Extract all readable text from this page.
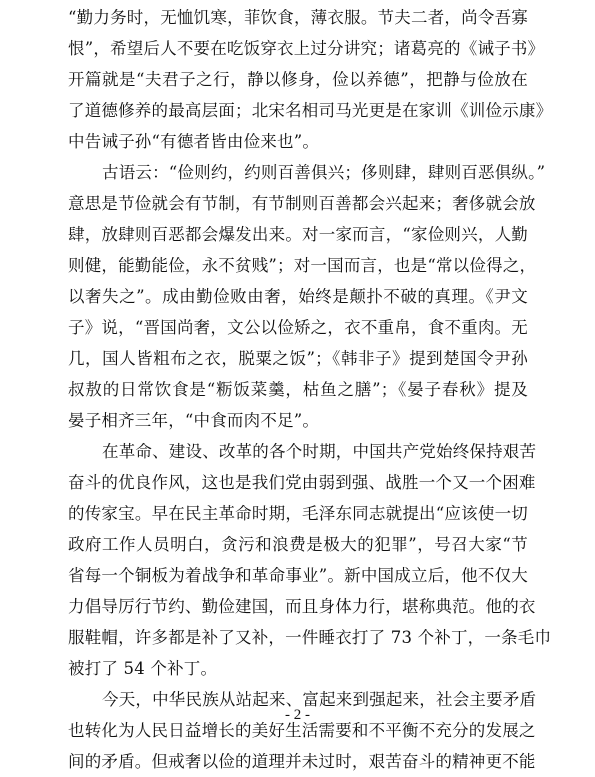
“勤力务时，无恤饥寒，菲饮食，薄衣服。节夫二者，尚令吾寡
恨”，希望后人不要在吃饭穿衣上过分讲究；诸葛亮的《诫子书》
开篇就是“夫君子之行，静以修身，俭以养德”，把静与俭放在
了道德修养的最高层面；北宋名相司马光更是在家训《训俭示康》
中告诫子孙“有德者皆由俭来也”。
古语云：“俭则约，约则百善俱兴；侈则肆，肆则百恶俱纵。”
意思是节俭就会有节制，有节制则百善都会兴起来；奢侈就会放
肆，放肆则百恶都会爆发出来。对一家而言，“家俭则兴，人勤
则健，能勤能俭，永不贫贱”；对一国而言，也是“常以俭得之，
以奢失之”。成由勤俭败由奢，始终是颠扑不破的真理。《尹文
子》说，“晋国尚奢，文公以俭矫之，衣不重帛，食不重肉。无
几，国人皆粗布之衣，脱粟之饭”；《韩非子》提到楚国令尹孙
叔敖的日常饮食是“粝饭菜羹，枯鱼之膳”；《晏子春秋》提及
晏子相齐三年，“中食而肉不足”。
在革命、建设、改革的各个时期，中国共产党始终保持艰苦
奋斗的优良作风，这也是我们党由弱到强、战胜一个又一个困难
的传家宝。早在民主革命时期，毛泽东同志就提出“应该使一切
政府工作人员明白，贪污和浪费是极大的犯罪”，号召大家“节
省每一个铜板为着战争和革命事业”。新中国成立后，他不仅大
力倡导厉行节约、勤俭建国，而且身体力行，堪称典范。他的衣
服鞋帽，许多都是补了又补，一件睡衣打了 73 个补丁，一条毛巾
被打了 54 个补丁。
今天，中华民族从站起来、富起来到强起来，社会主要矛盾
也转化为人民日益增长的美好生活需要和不平衡不充分的发展之
间的矛盾。但戒奢以俭的道理并未过时，艰苦奋斗的精神更不能
- 2 -
